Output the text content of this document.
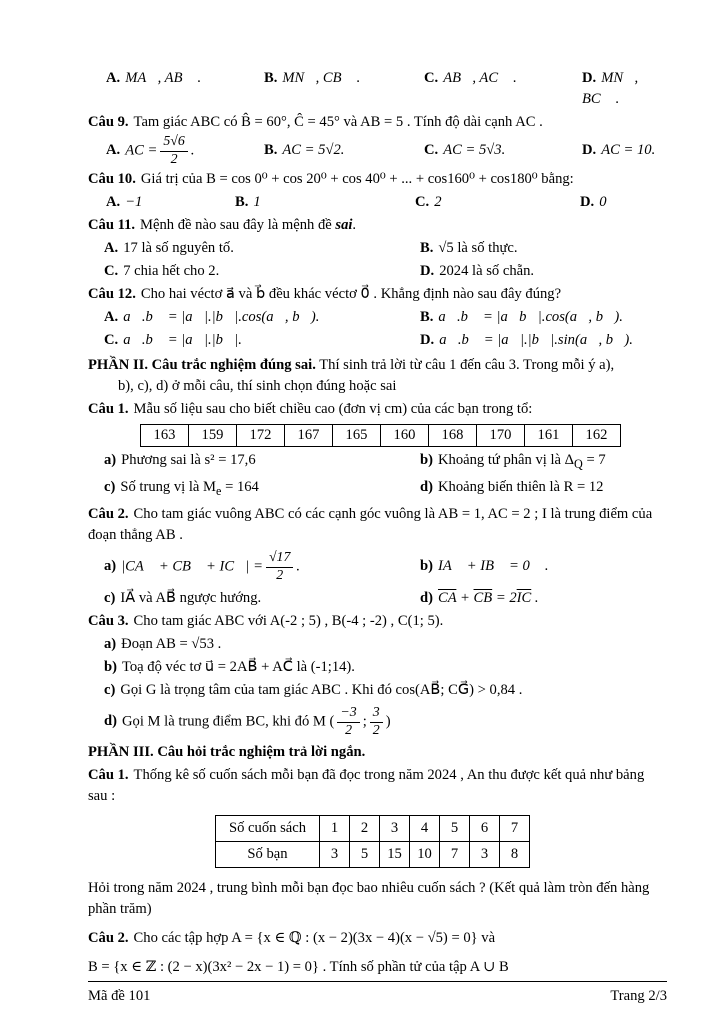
A. MA⃗, AB⃗ .	B. MN⃗, CB⃗ .	C. AB⃗, AC⃗ .	D. MN⃗, BC⃗ .

Câu 9. Tam giác ABC có B̂ = 60°, Ĉ = 45° và AB = 5 . Tính độ dài cạnh AC .

A. AC = $\frac{5√6}{2}$ .	B. AC = 5√2.	C. AC = 5√3.	D. AC = 10.

Câu 10. Giá trị của B = cos 0⁰ + cos 20⁰ + cos 40⁰ + ... + cos160⁰ + cos180⁰ bằng:

A. −1	B. 1	C. 2	D. 0

Câu 11. Mệnh đề nào sau đây là mệnh đề sai.

A. 17 là số nguyên tố.	B. √5 là số thực.
C. 7 chia hết cho 2.	D. 2024 là số chẵn.

Câu 12. Cho hai véctơ a⃗ và b⃗ đều khác véctơ 0⃗ . Khẳng định nào sau đây đúng?

A. a⃗.b⃗ = |a⃗|.|b⃗|.cos(a⃗, b⃗).	B. a⃗.b⃗ = |a⃗b⃗|.cos(a⃗, b⃗).
C. a⃗.b⃗ = |a⃗|.|b⃗|.	D. a⃗.b⃗ = |a⃗|.|b⃗|.sin(a⃗, b⃗).

PHẦN II. Câu trắc nghiệm đúng sai. Thí sinh trả lời từ câu 1 đến câu 3. Trong mỗi ý a),

b), c), d) ở mỗi câu, thí sinh chọn đúng hoặc sai

Câu 1. Mẫu số liệu sau cho biết chiều cao (đơn vị cm) của các bạn trong tổ:

163	159	172	167	165	160	168	170	161	162
a) Phương sai là s² = 17,6	b) Khoảng tứ phân vị là $\Delta_Q = 7$
c) Số trung vị là $M_e = 164$	d) Khoảng biến thiên là R = 12

Câu 2. Cho tam giác vuông ABC có các cạnh góc vuông là AB = 1, AC = 2 ; I là trung điểm của đoạn thẳng AB .

a) |CA⃗ + CB⃗ + IC⃗| = $\frac{√17}{2}$ .	b) IA⃗ + IB⃗ = 0⃗ .
c) IA⃗ và AB⃗ ngược hướng.	d) $\overline{CA} + \overline{CB} = 2\overline{IC}$ .

Câu 3. Cho tam giác ABC với A(-2 ; 5) , B(-4 ; -2) , C(1; 5).

a) Đoạn AB = √53 .

b) Toạ độ véc tơ u⃗ = 2AB⃗ + AC⃗ là (-1;14).

c) Gọi G là trọng tâm của tam giác ABC . Khi đó cos(AB⃗; CG⃗) > 0,84 .

d) Gọi M là trung điểm BC, khi đó M ( $\frac{-3}{2}$ ; $\frac{3}{2}$ )

PHẦN III. Câu hỏi trắc nghiệm trả lời ngắn.

Câu 1. Thống kê số cuốn sách mỗi bạn đã đọc trong năm 2024 , An thu được kết quả như bảng sau :

Số cuốn sách	1	2	3	4	5	6	7
Số bạn	3	5	15	10	7	3	8

Hỏi trong năm 2024 , trung bình mỗi bạn đọc bao nhiêu cuốn sách ? (Kết quả làm tròn đến hàng phần trăm)

Câu 2. Cho các tập hợp A = {x ∈ ℚ : (x − 2)(3x − 4)(x − √5) = 0} và

B = {x ∈ ℤ : (2 − x)(3x² − 2x − 1) = 0} . Tính số phần tử của tập A ∪ B

Mã đề 101	Trang 2/3
